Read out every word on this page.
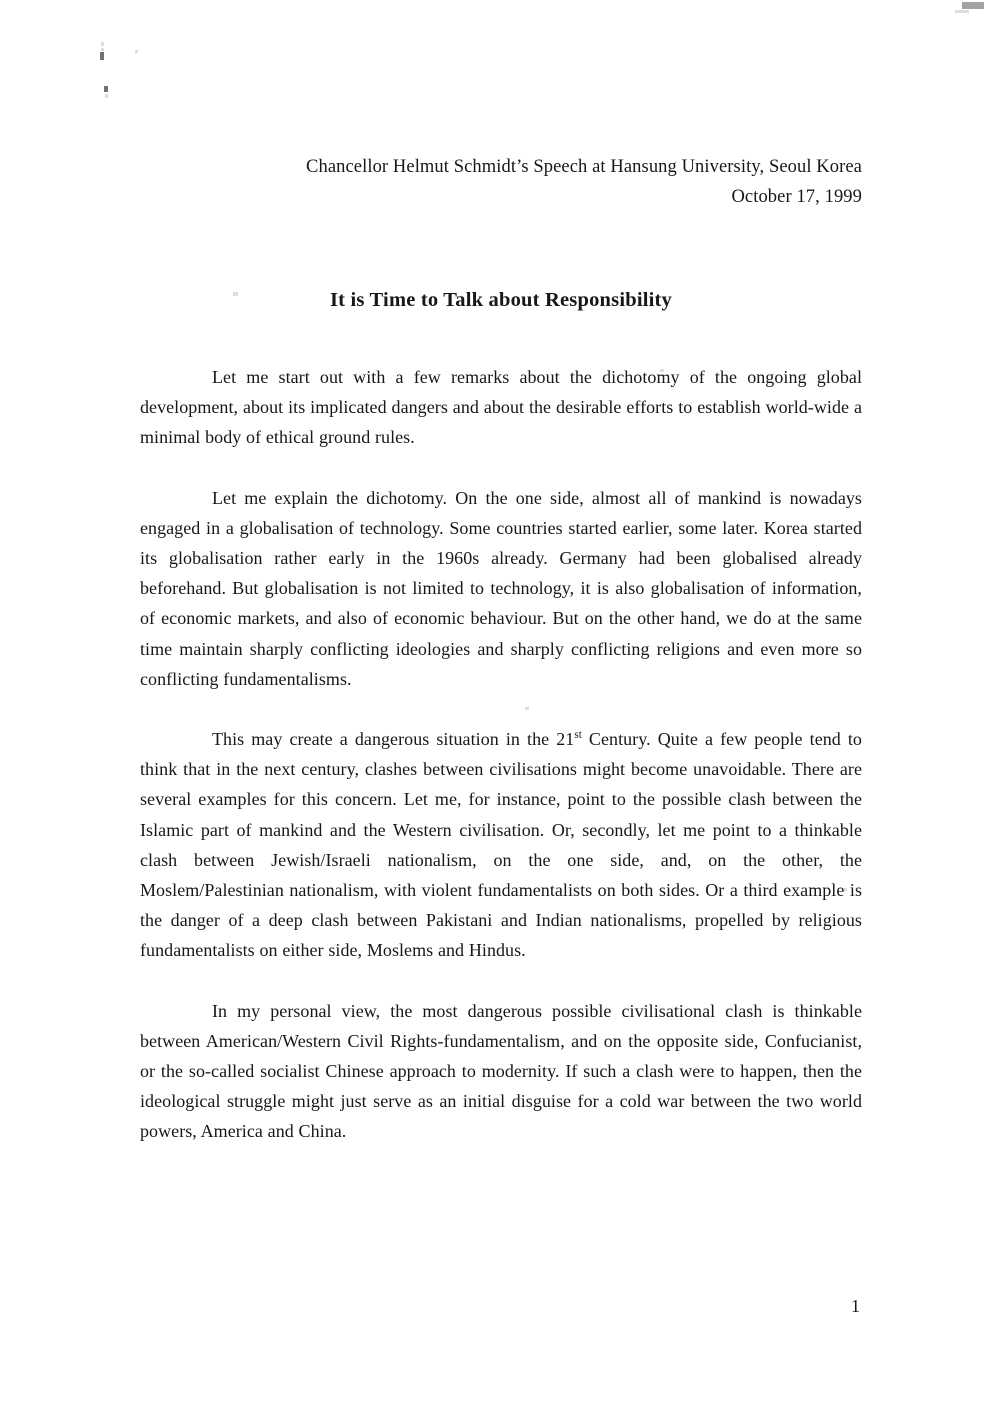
Chancellor Helmut Schmidt’s Speech at Hansung University, Seoul Korea
October 17, 1999
It is Time to Talk about Responsibility

Let me start out with a few remarks about the dichotomy of the ongoing global development, about its implicated dangers and about the desirable efforts to establish world-wide a minimal body of ethical ground rules.

Let me explain the dichotomy. On the one side, almost all of mankind is nowadays engaged in a globalisation of technology. Some countries started earlier, some later. Korea started its globalisation rather early in the 1960s already. Germany had been globalised already beforehand. But globalisation is not limited to technology, it is also globalisation of information, of economic markets, and also of economic behaviour. But on the other hand, we do at the same time maintain sharply conflicting ideologies and sharply conflicting religions and even more so conflicting fundamentalisms.

This may create a dangerous situation in the 21st Century. Quite a few people tend to think that in the next century, clashes between civilisations might become unavoidable. There are several examples for this concern. Let me, for instance, point to the possible clash between the Islamic part of mankind and the Western civilisation. Or, secondly, let me point to a thinkable clash between Jewish/Israeli nationalism, on the one side, and, on the other, the Moslem/Palestinian nationalism, with violent fundamentalists on both sides. Or a third example is the danger of a deep clash between Pakistani and Indian nationalisms, propelled by religious fundamentalists on either side, Moslems and Hindus.

In my personal view, the most dangerous possible civilisational clash is thinkable between American/Western Civil Rights-fundamentalism, and on the opposite side, Confucianist, or the so-called socialist Chinese approach to modernity. If such a clash were to happen, then the ideological struggle might just serve as an initial disguise for a cold war between the two world powers, America and China.

1
